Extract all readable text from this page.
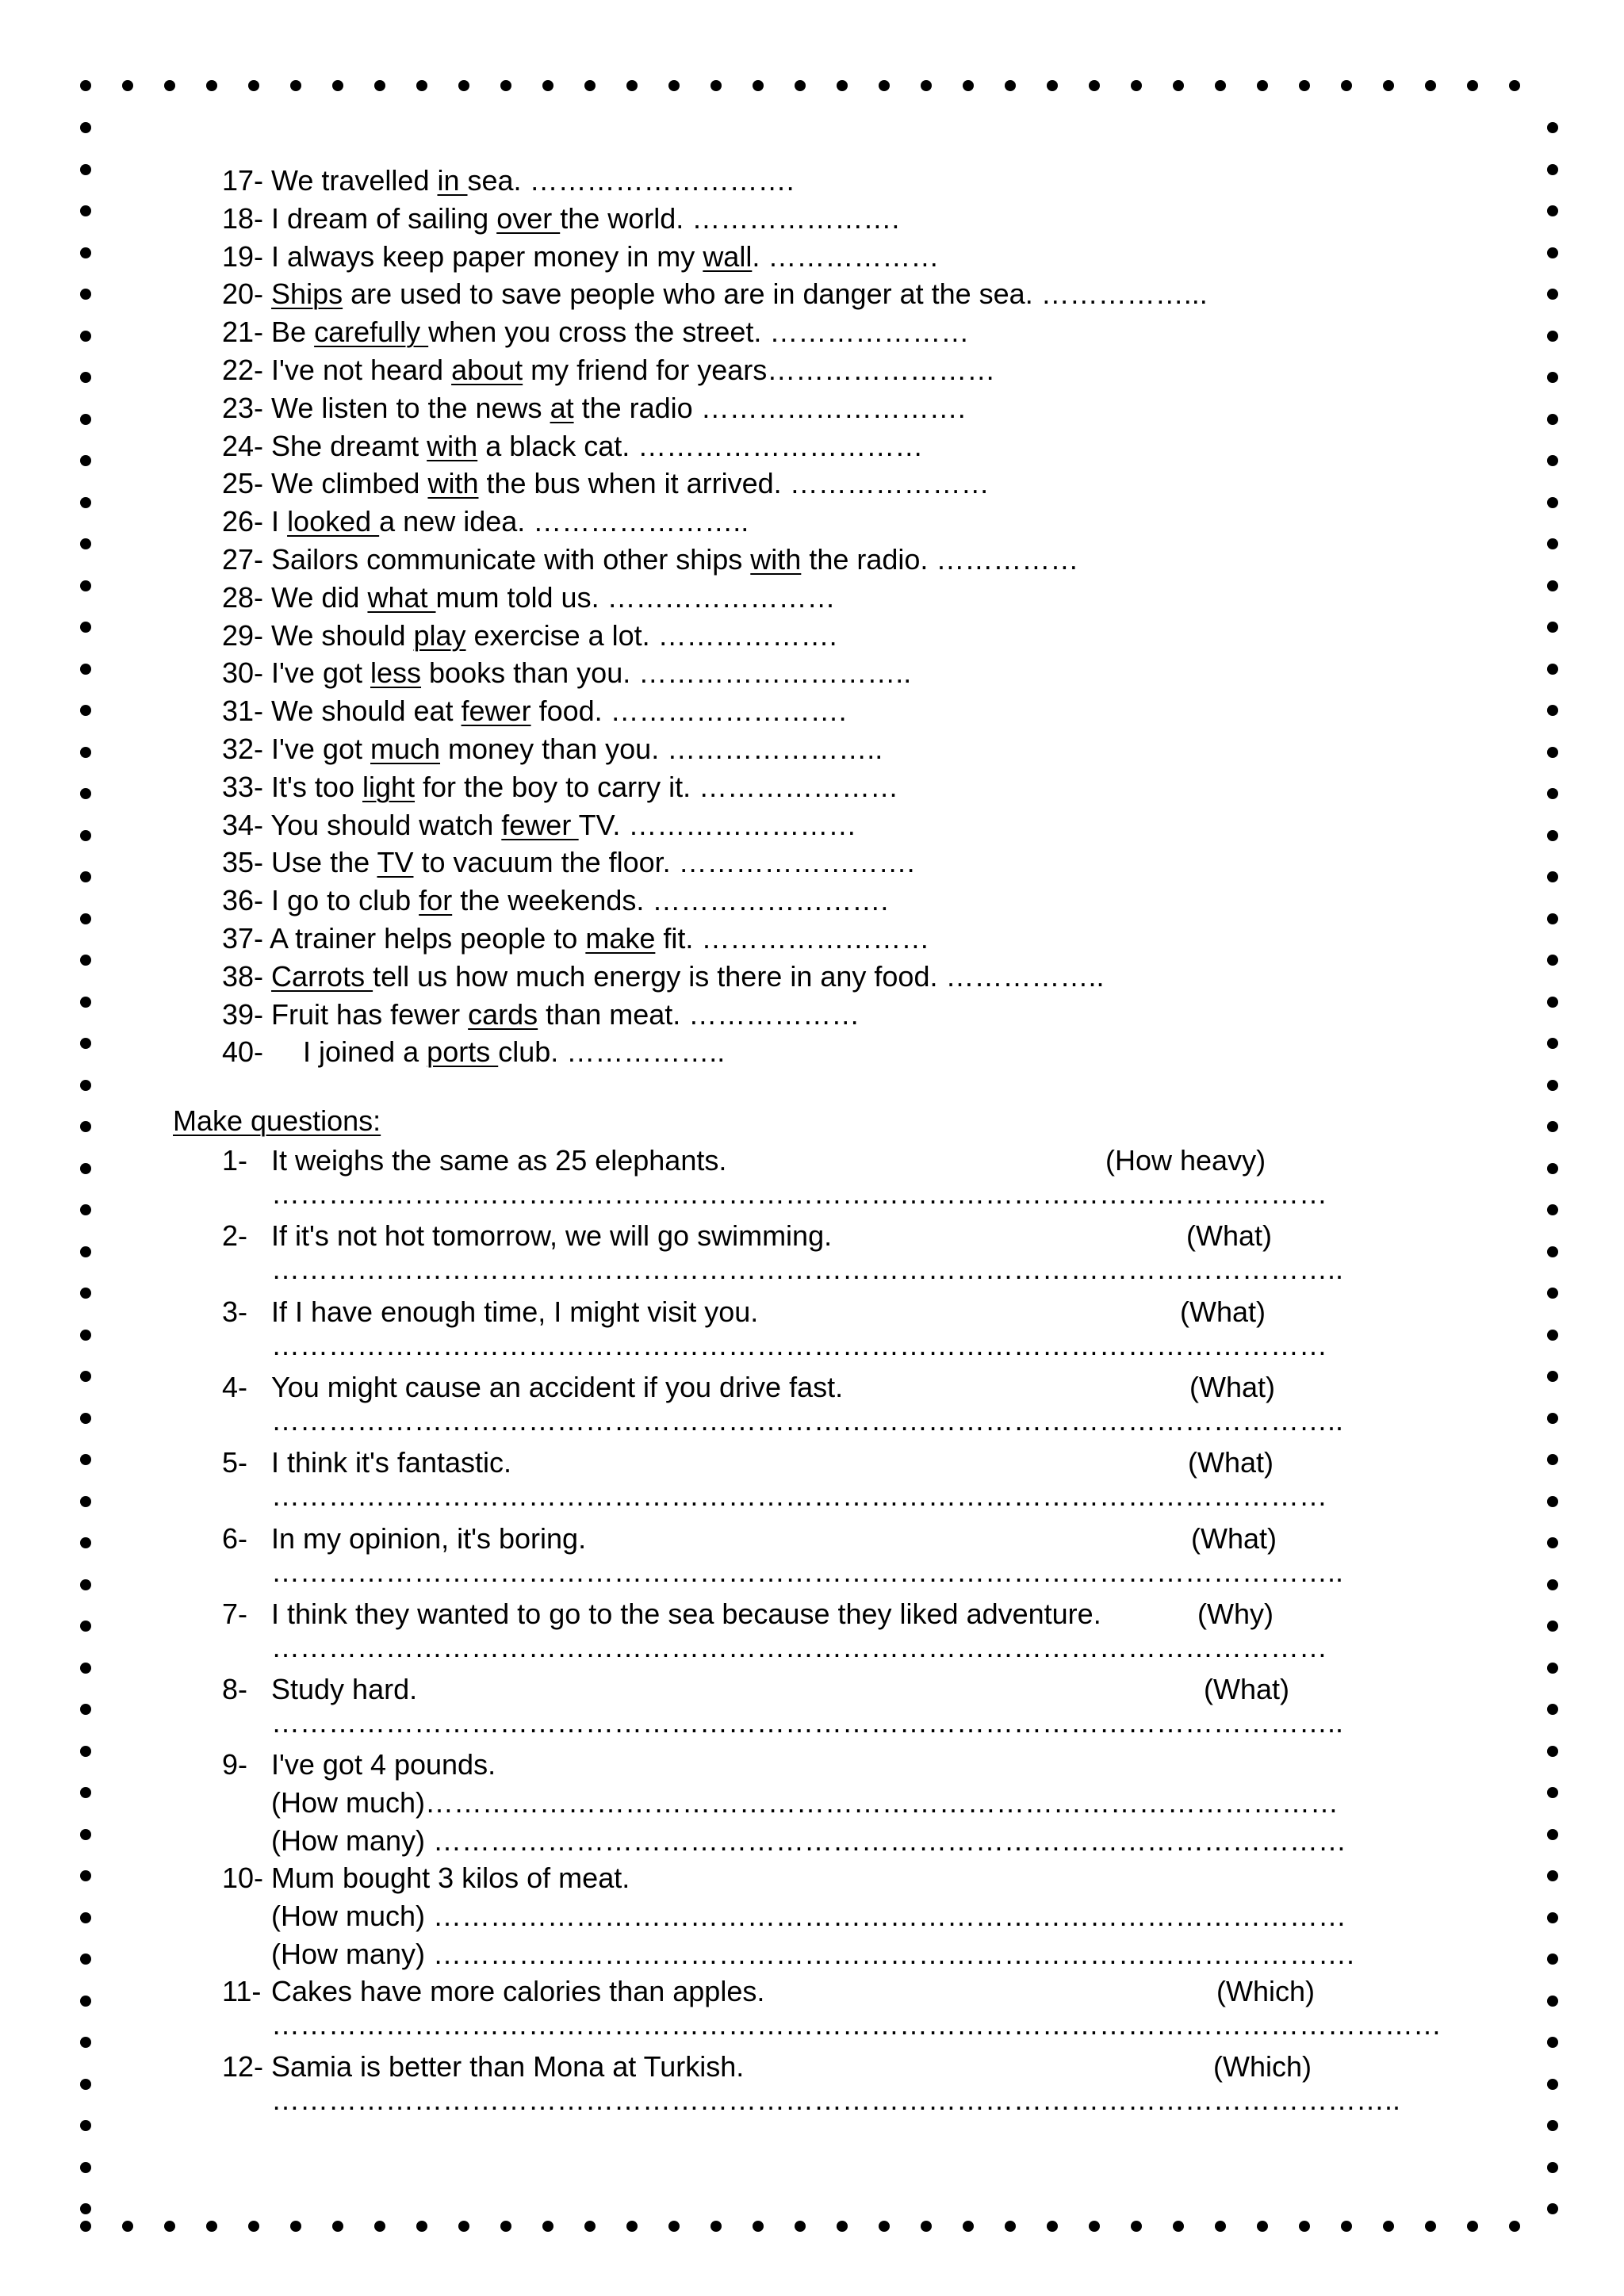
17- We travelled in sea. ……………………….
18- I dream of sailing over the world. ………………….
19- I always keep paper money in my wall. ………………
20- Ships are used to save people who are in danger at the sea. ……………...
21- Be carefully when you cross the street. …………………
22- I've not heard about my friend for years……………………
23- We listen to the news at the radio ……………………….
24- She dreamt with a black cat. …………………………
25- We climbed with the bus when it arrived. …………………
26- I looked a new idea. …………………..
27- Sailors communicate with other ships with the radio. ……………
28- We did what mum told us. ……………………
29- We should play exercise a lot. ……………….
30- I've got less books than you. ………………………..
31- We should eat fewer food. …………………….
32- I've got much money than you. …………………..
33- It's too light for the boy to carry it. …………………
34- You should watch fewer TV. ……………………
35- Use the TV to vacuum the floor. …………………….
36- I go to club for the weekends. …………………….
37- A trainer helps people to make fit. ……………………
38- Carrots tell us how much energy is there in any food. ……………..
39- Fruit has fewer cards than meat. ………………
40-     I joined a ports club. ……………..
Make questions:
1- It weighs the same as 25 elephants.	(How heavy)
…………………………………………………………………………………………………
2- If it's not hot tomorrow, we will go swimming.	(What)
…………………………………………………………………………………………………..
3- If I have enough time, I might visit you.	(What)
…………………………………………………………………………………………………
4- You might cause an accident if you drive fast.	(What)
…………………………………………………………………………………………………..
5- I think it's fantastic.	(What)
…………………………………………………………………………………………………
6- In my opinion, it's boring.	(What)
…………………………………………………………………………………………………..
7- I think they wanted to go to the sea because they liked adventure.	(Why)
…………………………………………………………………………………………………
8- Study hard.	(What)
…………………………………………………………………………………………………..
9- I've got 4 pounds.
(How much)……………………………………………………………………………………
(How many) ……………………………………………………………………………………
10- Mum bought 3 kilos of meat.
(How much) ……………………………………………………………………………………
(How many) …………………………………………………………………………………….
11- Cakes have more calories than apples.	(Which)
……………………………………………………………………………………………………………
12- Samia is better than Mona at Turkish.	(Which)
………………………………………………………………………………………………………..
